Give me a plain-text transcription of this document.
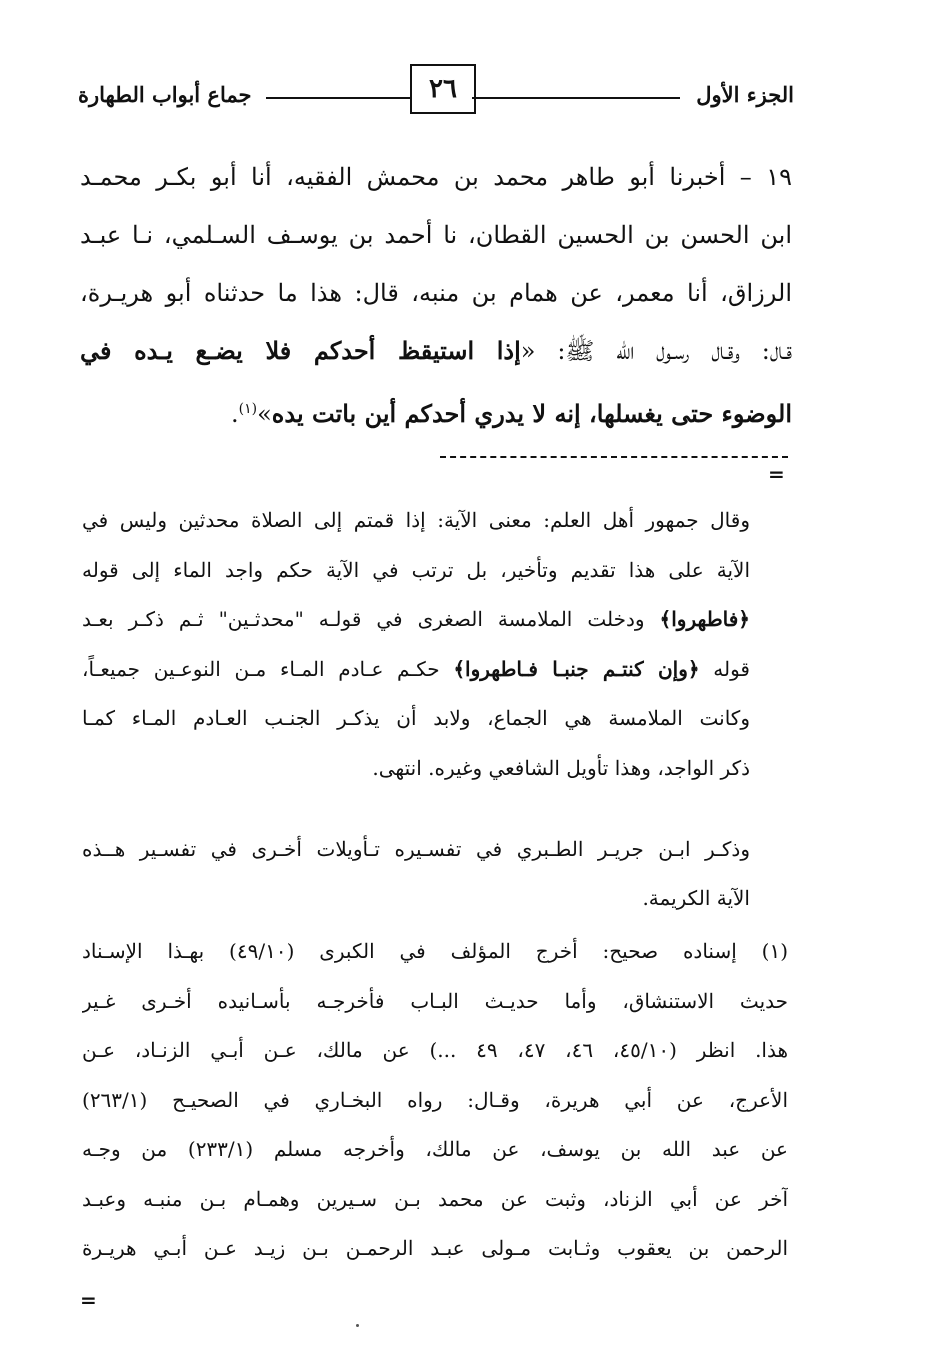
الجزء الأول
٢٦
جماع أبواب الطهارة
١٩ – أخبرنا أبو طاهر محمد بن محمش الفقيه، أنا أبو بكـر محمـد
ابن الحسن بن الحسين القطان، نا أحمد بن يوسـف السـلمي، نـا عبـد
الرزاق، أنا معمر، عن همام بن منبه، قال: هذا ما حدثناه أبو هريـرة،
قـال: وقـال رسـول الله ﷺ: «إذا استيقظ أحدكم فلا يضـع يـده في
الوضوء حتى يغسلها، إنه لا يدري أحدكم أين باتت يده»$^{(١)}$.
=
وقال جمهور أهل العلم: معنى الآية: إذا قمتم إلى الصلاة محدثين وليس في
الآية على هذا تقديم وتأخير، بل ترتب في الآية حكم واجد الماء إلى قوله
﴿فاطهروا﴾ ودخلت الملامسة الصغرى في قولـه "محدثـين" ثـم ذكـر بعـد
قوله ﴿وإن كنتـم جنبـا فـاطهروا﴾ حكـم عـادم المـاء مـن النوعـين جميعـاً،
وكانت الملامسة هي الجماع، ولابد أن يذكـر الجنـب العـادم المـاء كمـا
ذكر الواجد، وهذا تأويل الشافعي وغيره. انتهى.
وذكـر ابـن جريـر الطـبري في تفسـيره تـأويلات أخـرى في تفسـير هــذه
الآية الكريمة.
(١) إسناده صحيح: أخرج المؤلف في الكبرى (٤٩/١٠) بهـذا الإسـناد
حديث الاستنشاق، وأما حديـث البـاب فأخرجـه بأسـانيده أخـرى غـير
هذا. انظر (٤٥/١٠، ٤٦، ٤٧، ٤٩ ...) عن مالك، عـن أبـي الزنـاد، عـن
الأعرج، عن أبي هريرة، وقـال: رواه البخـاري في الصحيـح (٢٦٣/١)
عن عبد الله بن يوسف، عن مالك، وأخرجه مسلم (٢٣٣/١) من وجـه
آخر عن أبي الزناد، وثبت عن محمد بـن سـيرين وهمـام بـن منبـه وعبـد
الرحمن بن يعقوب وثـابت مـولى عبـد الرحمـن بـن زيـد عـن أبـي هريـرة
=
